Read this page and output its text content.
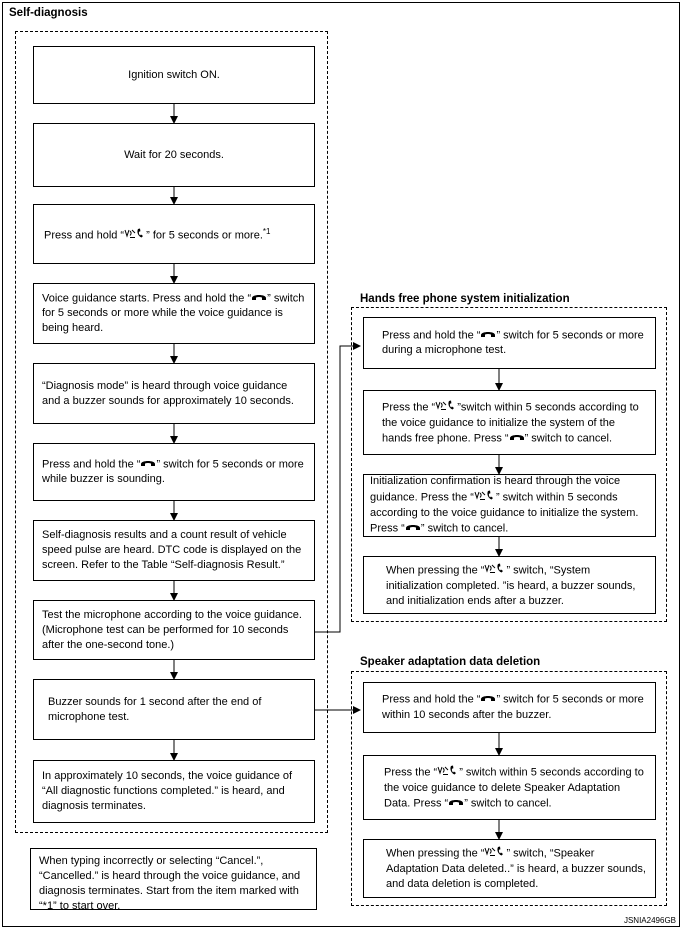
Self-diagnosis
Hands free phone system initialization
Speaker adaptation data deletion
Ignition switch ON.
Wait for 20 seconds.
Press and hold “ ” for 5 seconds or more.$^{*1}$
Voice guidance starts. Press and hold the “ ” switch for 5 seconds or more while the voice guidance is being heard.
“Diagnosis mode” is heard through voice guidance and a buzzer sounds for approximately 10 seconds.
Press and hold the “ ” switch for 5 seconds or more while buzzer is sounding.
Self-diagnosis results and a count result of vehicle speed pulse are heard. DTC code is displayed on the screen. Refer to the Table “Self-diagnosis Result.”
Test the microphone according to the voice guidance. (Microphone test can be performed for 10 seconds after the one-second tone.)
Buzzer sounds for 1 second after the end of microphone test.
In approximately 10 seconds, the voice guidance of “All diagnostic functions completed.” is heard, and diagnosis terminates.
When typing incorrectly or selecting “Cancel.”, “Cancelled.” is heard through the voice guidance, and diagnosis terminates. Start from the item marked with “*1” to start over.
Press and hold the “ ” switch for 5 seconds or more during a microphone test.
Press the “ ”switch within 5 seconds according to the voice guidance to initialize the system of the hands free phone. Press “ ” switch to cancel.
Initialization confirmation is heard through the voice guidance. Press the “ ” switch within 5 seconds according to the voice guidance to initialize the system. Press “ ” switch to cancel.
When pressing the “ ” switch, “System initialization completed. ”is heard, a buzzer sounds, and initialization ends after a buzzer.
Press and hold the “ ” switch for 5 seconds or more within 10 seconds after the buzzer.
Press the “ ” switch within 5 seconds according to the voice guidance to delete Speaker Adaptation Data. Press “ ” switch to cancel.
When pressing the “ ” switch, “Speaker Adaptation Data deleted..” is heard, a buzzer sounds, and data deletion is completed.
JSNIA2496GB
